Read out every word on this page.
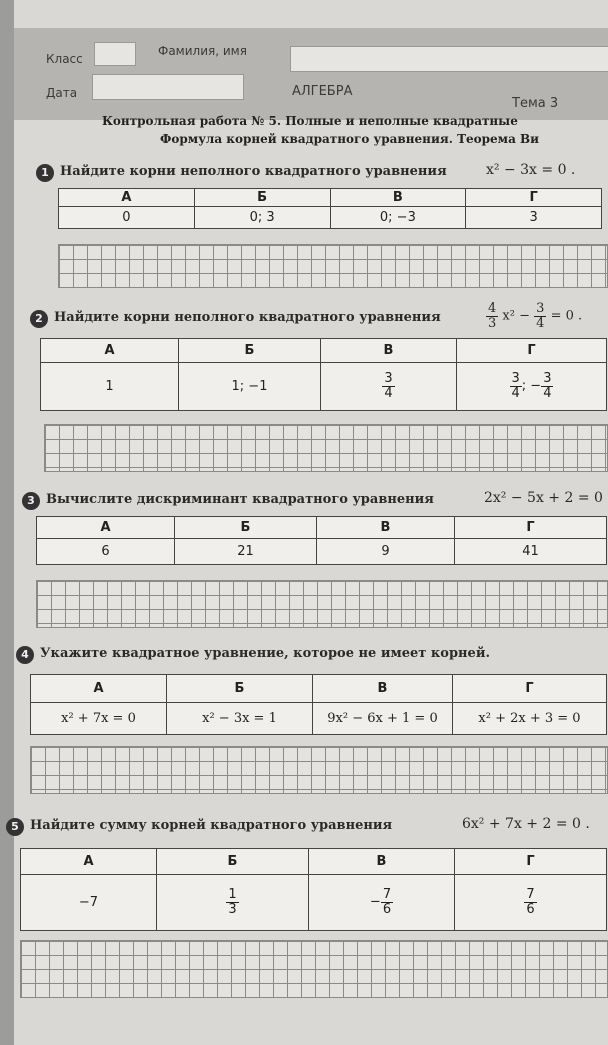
Класс
Фамилия, имя
Дата	АЛГЕБРА
Тема 3
Контрольная работа № 5. Полные и неполные квадратные
Формула корней квадратного уравнения. Теорема Ви
1 Найдите корни неполного квадратного уравнения	x² − 3x = 0 .
А	Б	В	Г
0	0; 3	0; −3	3
2 Найдите корни неполного квадратного уравнения	$\frac{4}{3} x^2 - \frac{3}{4} = 0$ .
А	Б	В	Г
1	1; −1	$\frac{3}{4}$	$\frac{3}{4}$ ; − $\frac{3}{4}$
3 Вычислите дискриминант квадратного уравнения	2x² − 5x + 2 = 0
А	Б	В	Г
6	21	9	41
4 Укажите квадратное уравнение, которое не имеет корней.
А	Б	В	Г
x² + 7x = 0	x² − 3x = 1	9x² − 6x + 1 = 0	x² + 2x + 3 = 0
5 Найдите сумму корней квадратного уравнения	6x² + 7x + 2 = 0 .
А	Б	В	Г
−7	$\frac{1}{3}$	− $\frac{7}{6}$	$\frac{7}{6}$
